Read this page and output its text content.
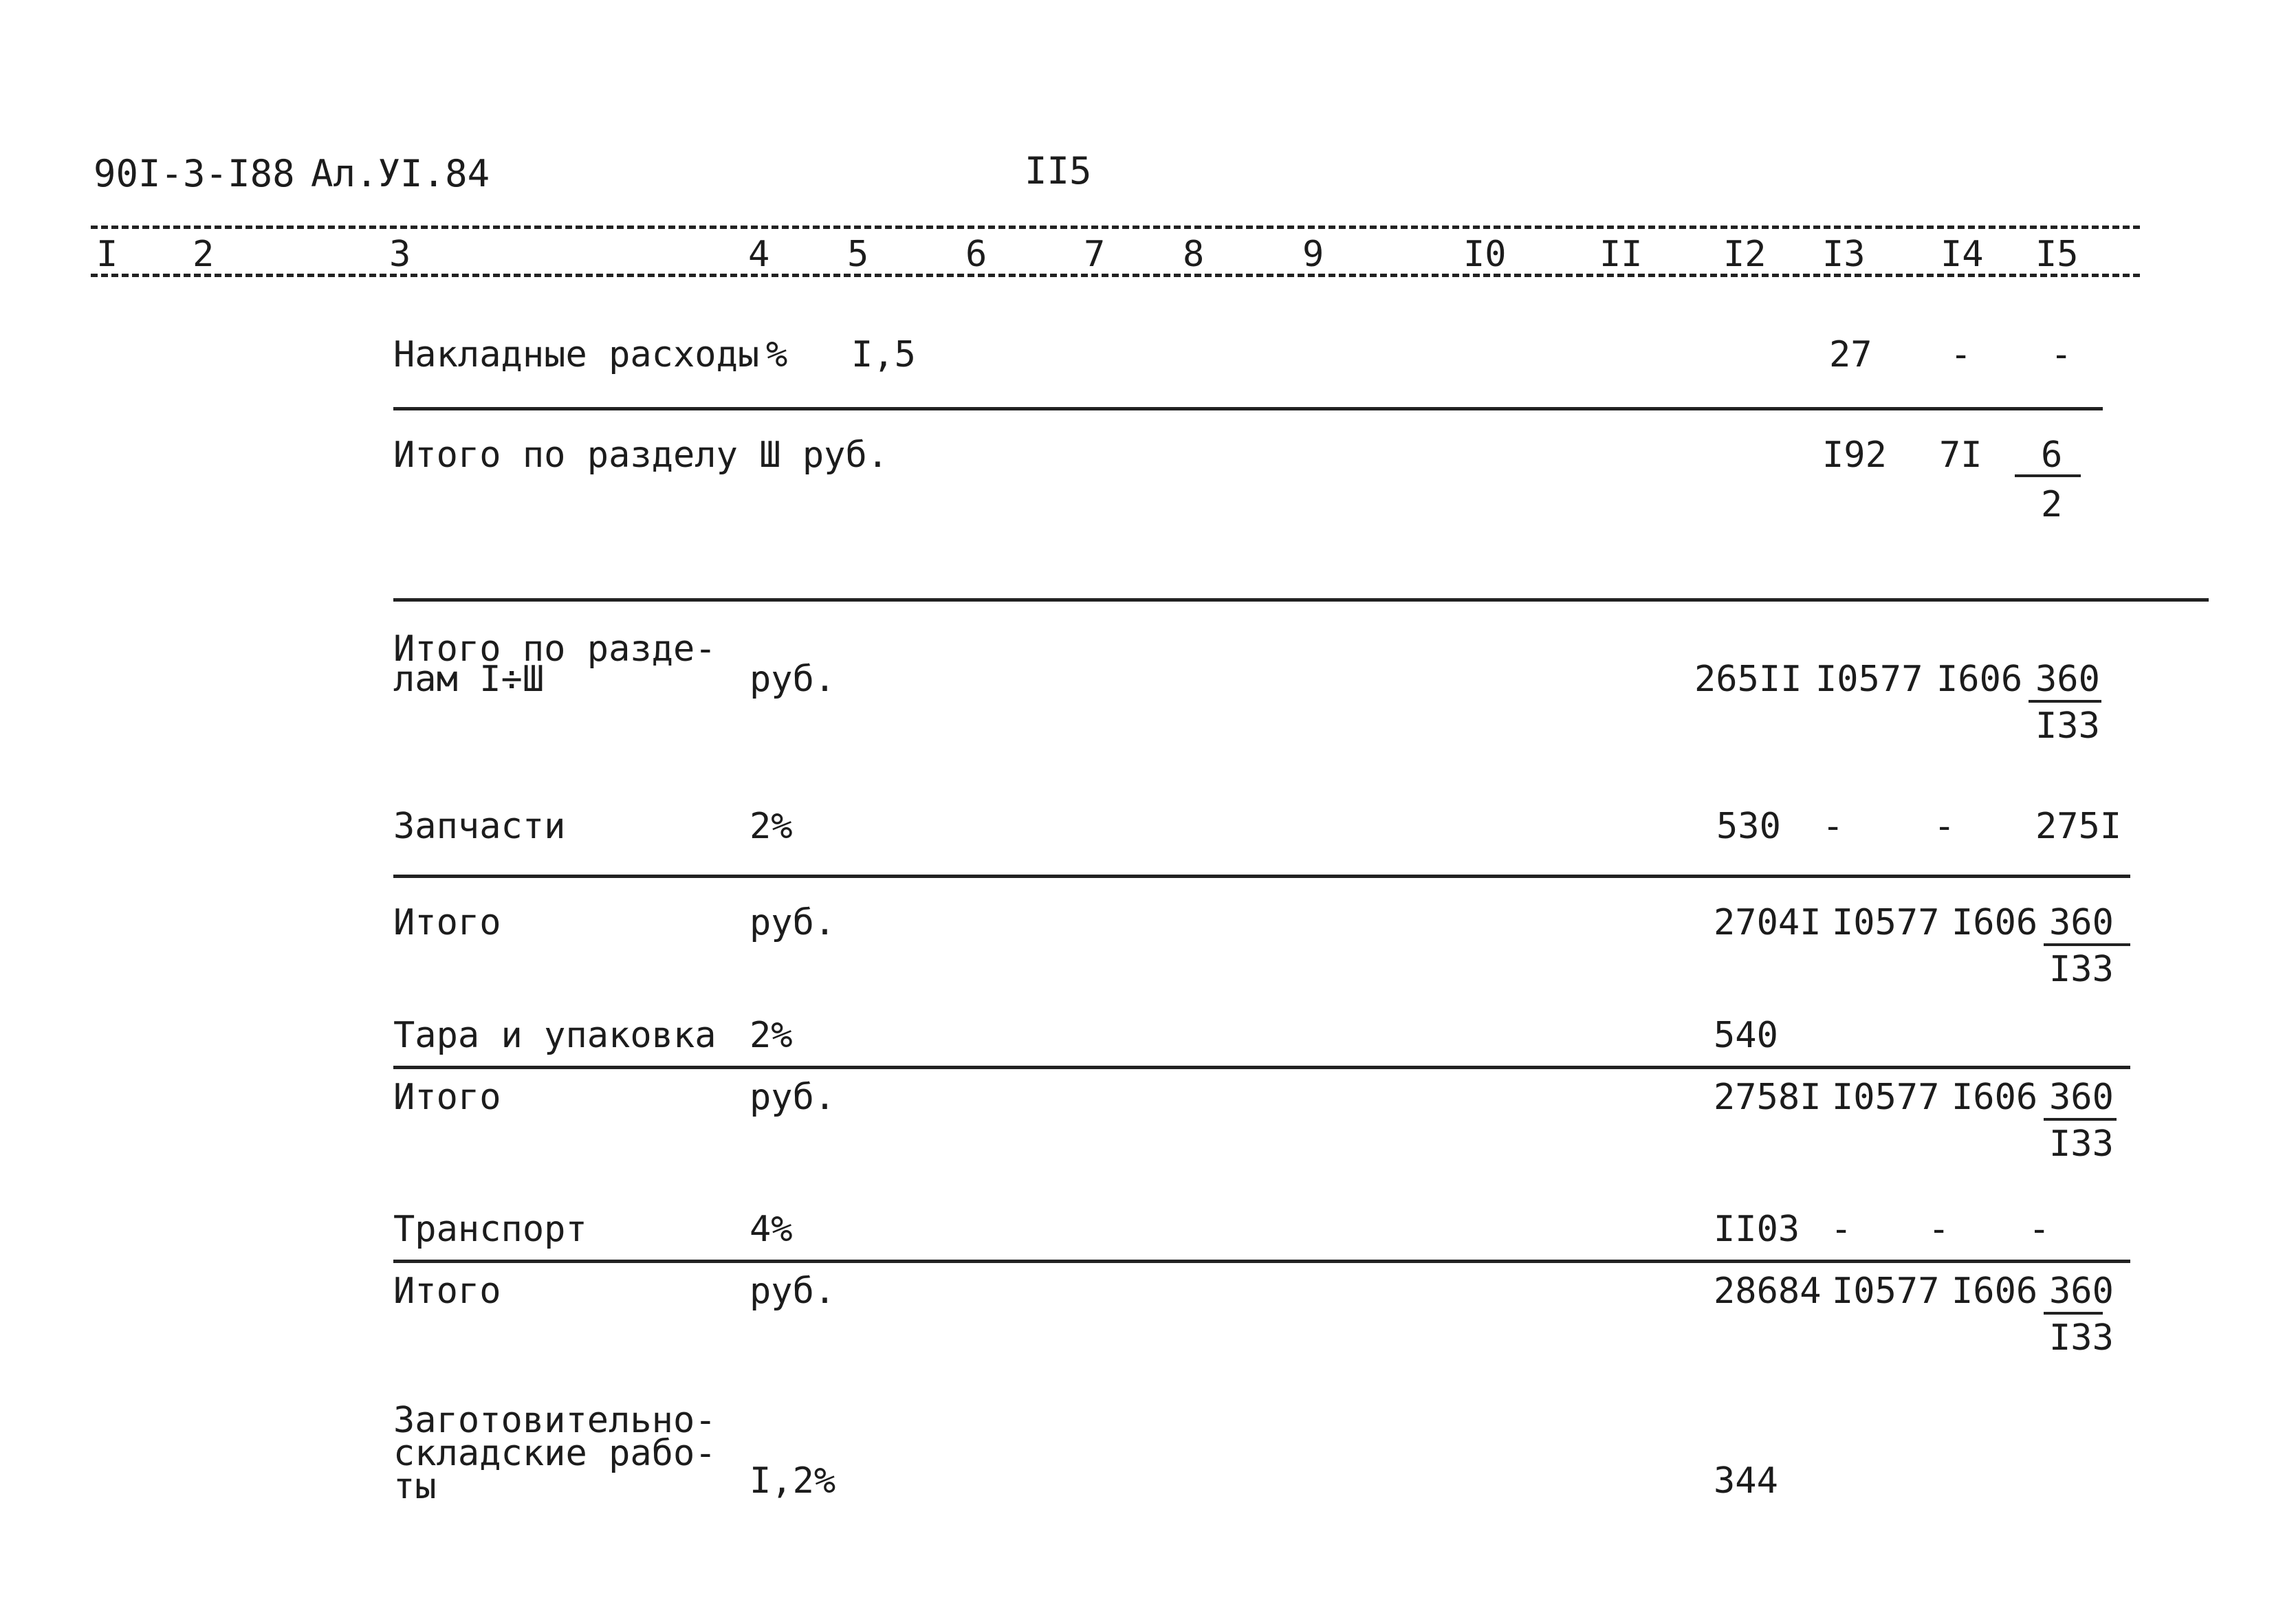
90I-3-I88 Ал.УI.84	II5
I 2	3	4 5	6	7 8	9	I0	II I2 I3 I4 I5
Накладные расходы % I,5	27 - -
Итого по разделу Ш руб.	I92 7I 6
2
Итого по разде-
лам I÷Ш	руб.	265II I0577 I606 360
I33
Запчасти	2%	530 -	- 275I
Итого	руб.	2704I I0577 I606 360
I33
Тара и упаковка 2%	540
Итого	руб.	2758I I0577 I606 360
I33
Транспорт	4%	II03 - - -
Итого	руб.	28684 I0577 I606 360
I33
Заготовительно-
складские рабо-
ты	I,2%	344
